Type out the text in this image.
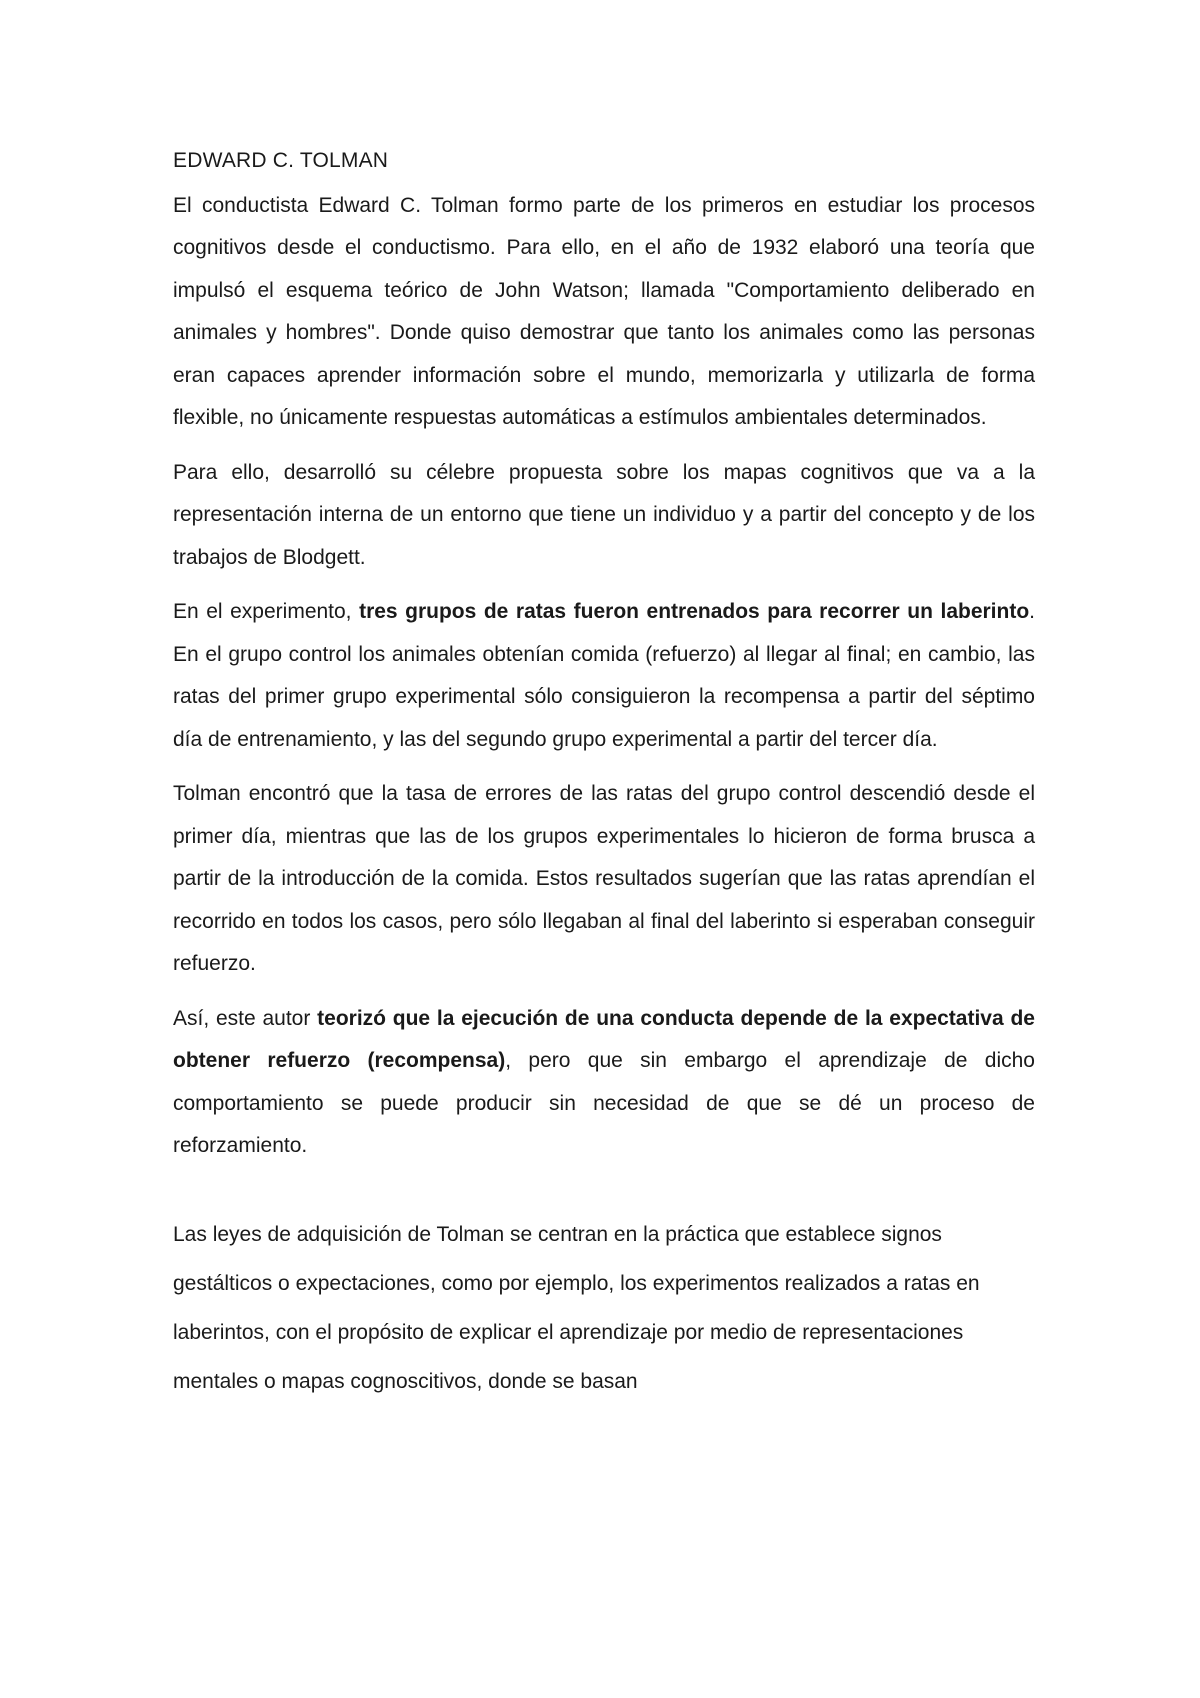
EDWARD C. TOLMAN

El conductista Edward C. Tolman formo parte de los primeros en estudiar los procesos cognitivos desde el conductismo. Para ello, en el año de 1932 elaboró una teoría que impulsó el esquema teórico de John Watson; llamada "Comportamiento deliberado en animales y hombres". Donde quiso demostrar que tanto los animales como las personas eran capaces aprender información sobre el mundo, memorizarla y utilizarla de forma flexible, no únicamente respuestas automáticas a estímulos ambientales determinados.

Para ello, desarrolló su célebre propuesta sobre los mapas cognitivos que va a la representación interna de un entorno que tiene un individuo y a partir del concepto y de los trabajos de Blodgett.

En el experimento, tres grupos de ratas fueron entrenados para recorrer un laberinto. En el grupo control los animales obtenían comida (refuerzo) al llegar al final; en cambio, las ratas del primer grupo experimental sólo consiguieron la recompensa a partir del séptimo día de entrenamiento, y las del segundo grupo experimental a partir del tercer día.

Tolman encontró que la tasa de errores de las ratas del grupo control descendió desde el primer día, mientras que las de los grupos experimentales lo hicieron de forma brusca a partir de la introducción de la comida. Estos resultados sugerían que las ratas aprendían el recorrido en todos los casos, pero sólo llegaban al final del laberinto si esperaban conseguir refuerzo.

Así, este autor teorizó que la ejecución de una conducta depende de la expectativa de obtener refuerzo (recompensa), pero que sin embargo el aprendizaje de dicho comportamiento se puede producir sin necesidad de que se dé un proceso de reforzamiento.

Las leyes de adquisición de Tolman se centran en la práctica que establece signos gestálticos o expectaciones, como por ejemplo, los experimentos realizados a ratas en laberintos, con el propósito de explicar el aprendizaje por medio de representaciones mentales o mapas cognoscitivos, donde se basan
